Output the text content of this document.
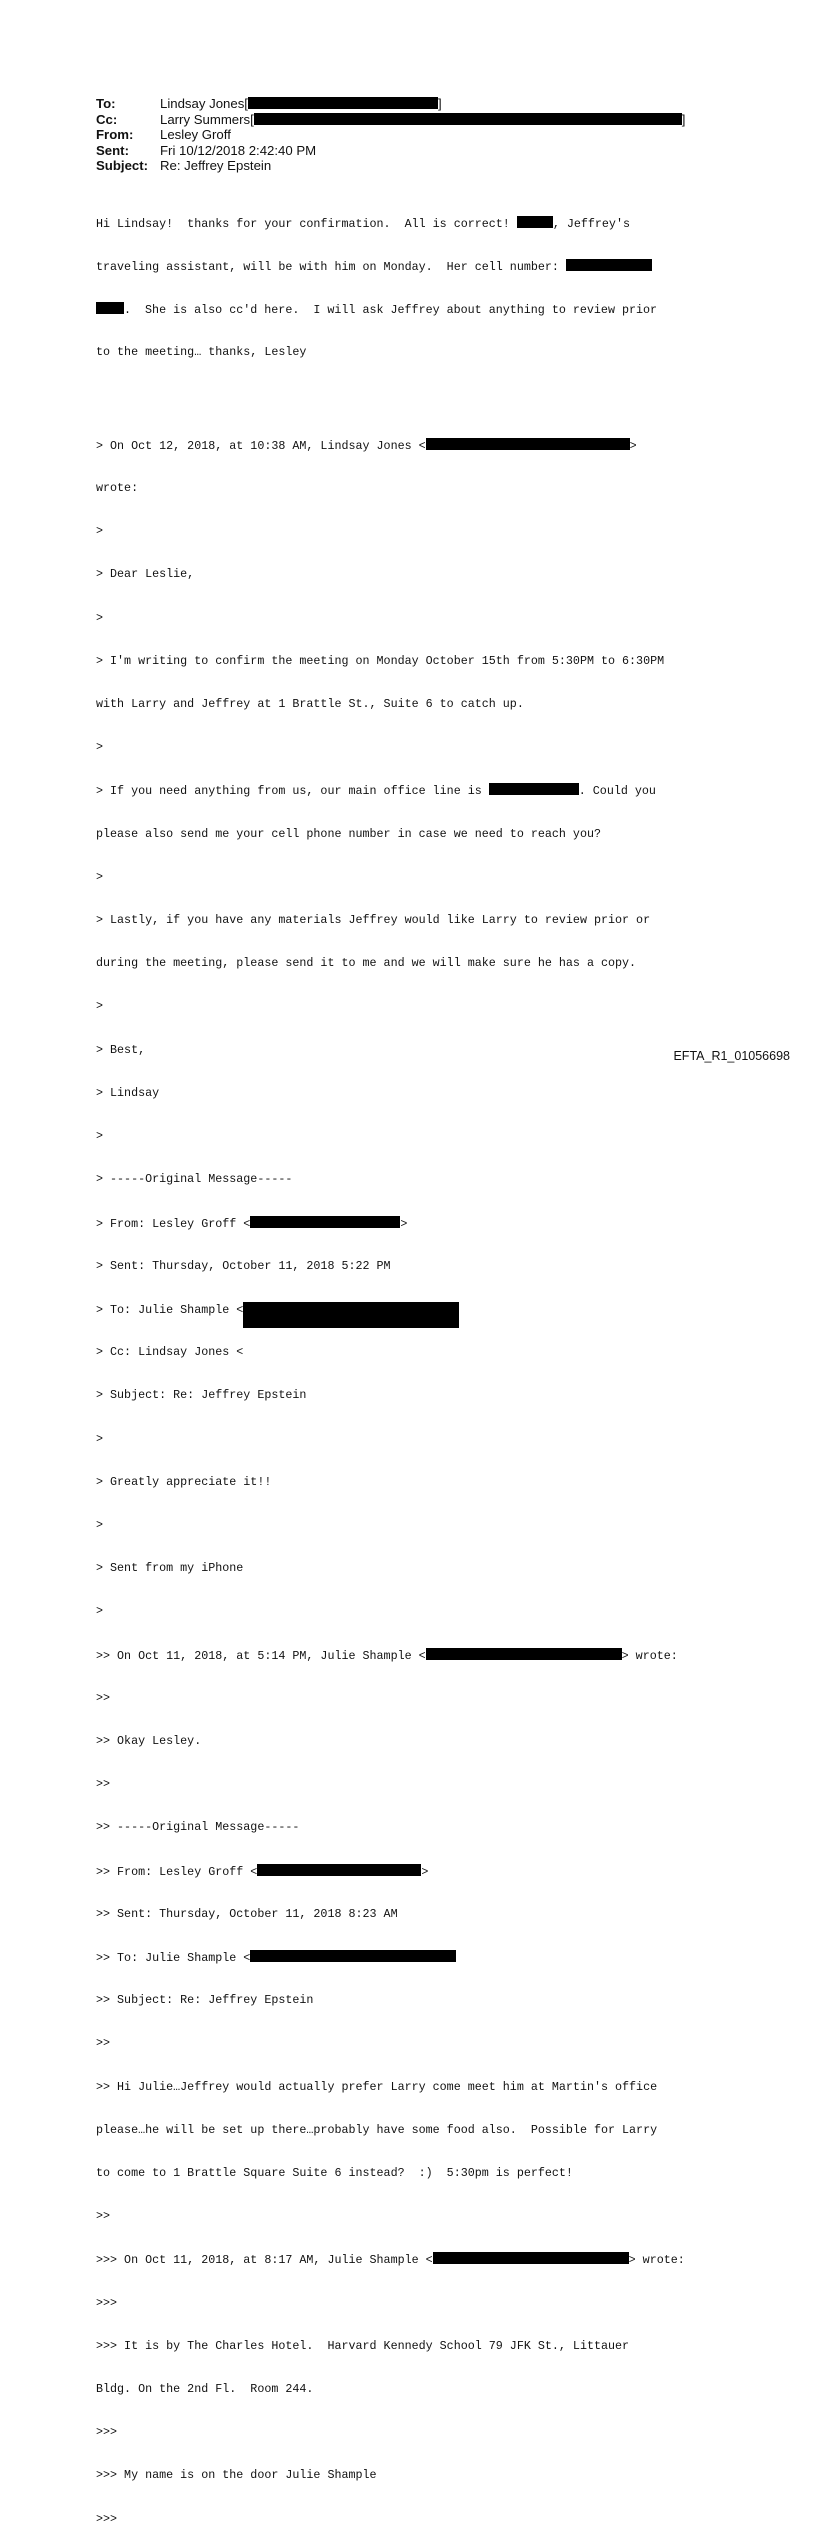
To:	Lindsay Jones[	]
Cc:	Larry Summers[	]
From:	Lesley Groff
Sent:	Fri 10/12/2018 2:42:40 PM
Subject: Re: Jeffrey Epstein

Hi Lindsay!  thanks for your confirmation.  All is correct!	, Jeffrey's

traveling assistant, will be with him on Monday.  Her cell number:

.  She is also cc'd here.  I will ask Jeffrey about anything to review prior

to the meeting… thanks, Lesley

> On Oct 12, 2018, at 10:38 AM, Lindsay Jones <	>

wrote:

>

> Dear Leslie,

>

> I'm writing to confirm the meeting on Monday October 15th from 5:30PM to 6:30PM

with Larry and Jeffrey at 1 Brattle St., Suite 6 to catch up.

>

> If you need anything from us, our main office line is	. Could you

please also send me your cell phone number in case we need to reach you?

>

> Lastly, if you have any materials Jeffrey would like Larry to review prior or

during the meeting, please send it to me and we will make sure he has a copy.

>

> Best,

> Lindsay

>

> -----Original Message-----

> From: Lesley Groff <	>

> Sent: Thursday, October 11, 2018 5:22 PM

> To: Julie Shample <

> Cc: Lindsay Jones <

> Subject: Re: Jeffrey Epstein

>

> Greatly appreciate it!!

>

> Sent from my iPhone

>

>> On Oct 11, 2018, at 5:14 PM, Julie Shample <	> wrote:

>>

>> Okay Lesley.

>>

>> -----Original Message-----

>> From: Lesley Groff <	>

>> Sent: Thursday, October 11, 2018 8:23 AM

>> To: Julie Shample <

>> Subject: Re: Jeffrey Epstein

>>

>> Hi Julie…Jeffrey would actually prefer Larry come meet him at Martin's office

please…he will be set up there…probably have some food also.  Possible for Larry

to come to 1 Brattle Square Suite 6 instead?  :)  5:30pm is perfect!

>>

>>> On Oct 11, 2018, at 8:17 AM, Julie Shample <	> wrote:

>>>

>>> It is by The Charles Hotel.  Harvard Kennedy School 79 JFK St., Littauer

Bldg. On the 2nd Fl.  Room 244.

>>>

>>> My name is on the door Julie Shample

>>>

EFTA_R1_01056698
